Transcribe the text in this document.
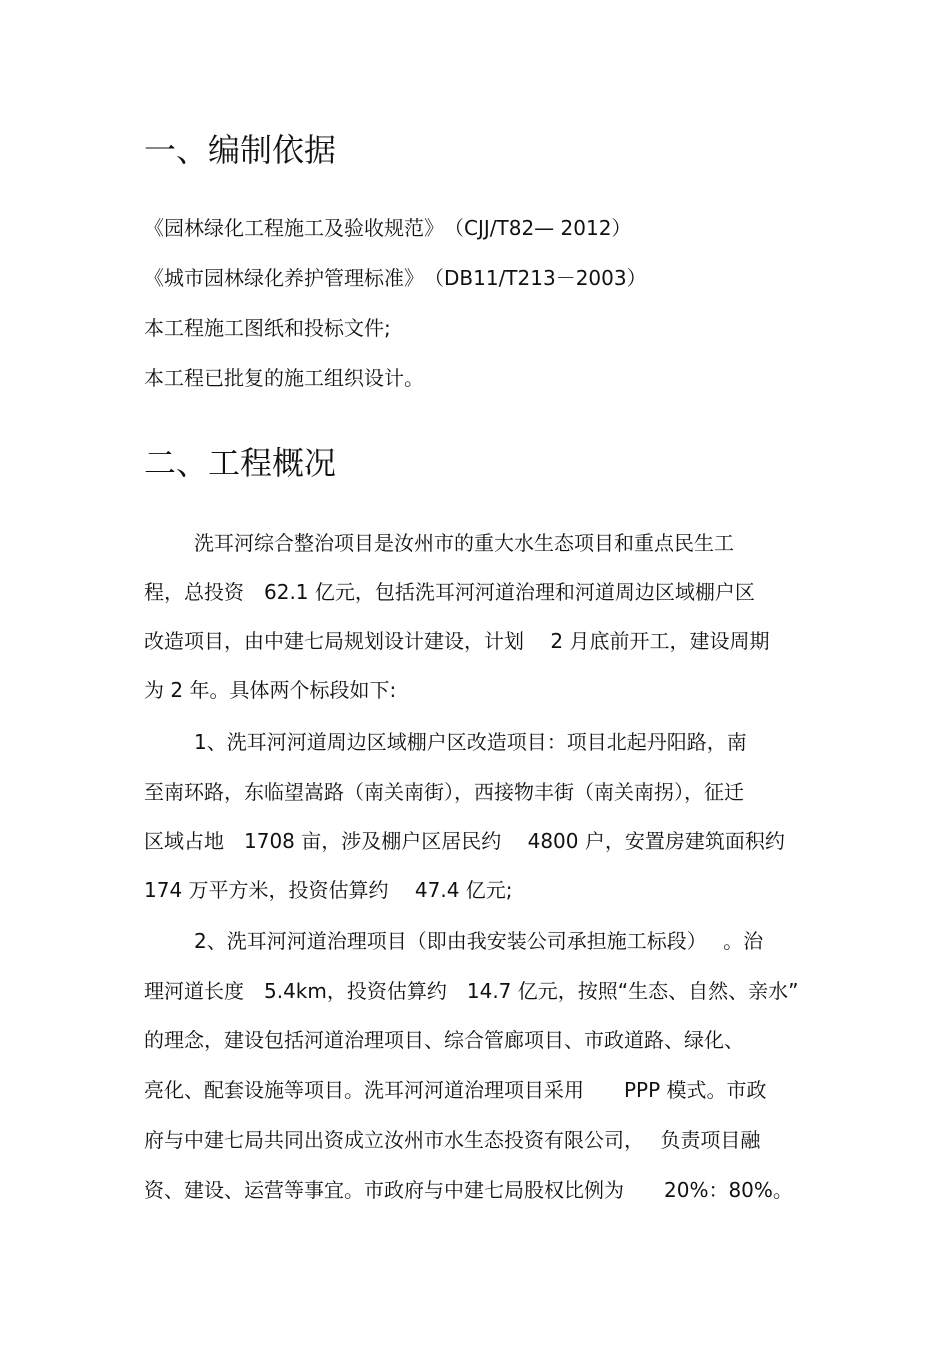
一、编制依据
《园林绿化工程施工及验收规范》　（CJJ/T82— 2012）
《城市园林绿化养护管理标准》　（DB11/T213－2003）
本工程施工图纸和投标文件;
本工程已批复的施工组织设计。
二、工程概况
洗耳河综合整治项目是汝州市的重大水生态项目和重点民生工
程，总投资　62.1 亿元，包括洗耳河河道治理和河道周边区域棚户区
改造项目，由中建七局规划设计建设，计划　 2 月底前开工，建设周期
为 2 年。具体两个标段如下:
1、洗耳河河道周边区域棚户区改造项目：项目北起丹阳路，南
至南环路，东临望嵩路（南关南街），西接物丰街（南关南拐），征迁
区域占地　1708 亩，涉及棚户区居民约　 4800 户，安置房建筑面积约
174 万平方米，投资估算约　 47.4 亿元;
2、洗耳河河道治理项目（即由我安装公司承担施工标段）　 。治
理河道长度　5.4km，投资估算约　14.7 亿元，按照“生态、自然、亲水”
的理念，建设包括河道治理项目、综合管廊项目、市政道路、绿化、
亮化、配套设施等项目。洗耳河河道治理项目采用　　PPP 模式。市政
府与中建七局共同出资成立汝州市水生态投资有限公司，　 负责项目融
资、建设、运营等事宜。市政府与中建七局股权比例为　　20%：80%。
